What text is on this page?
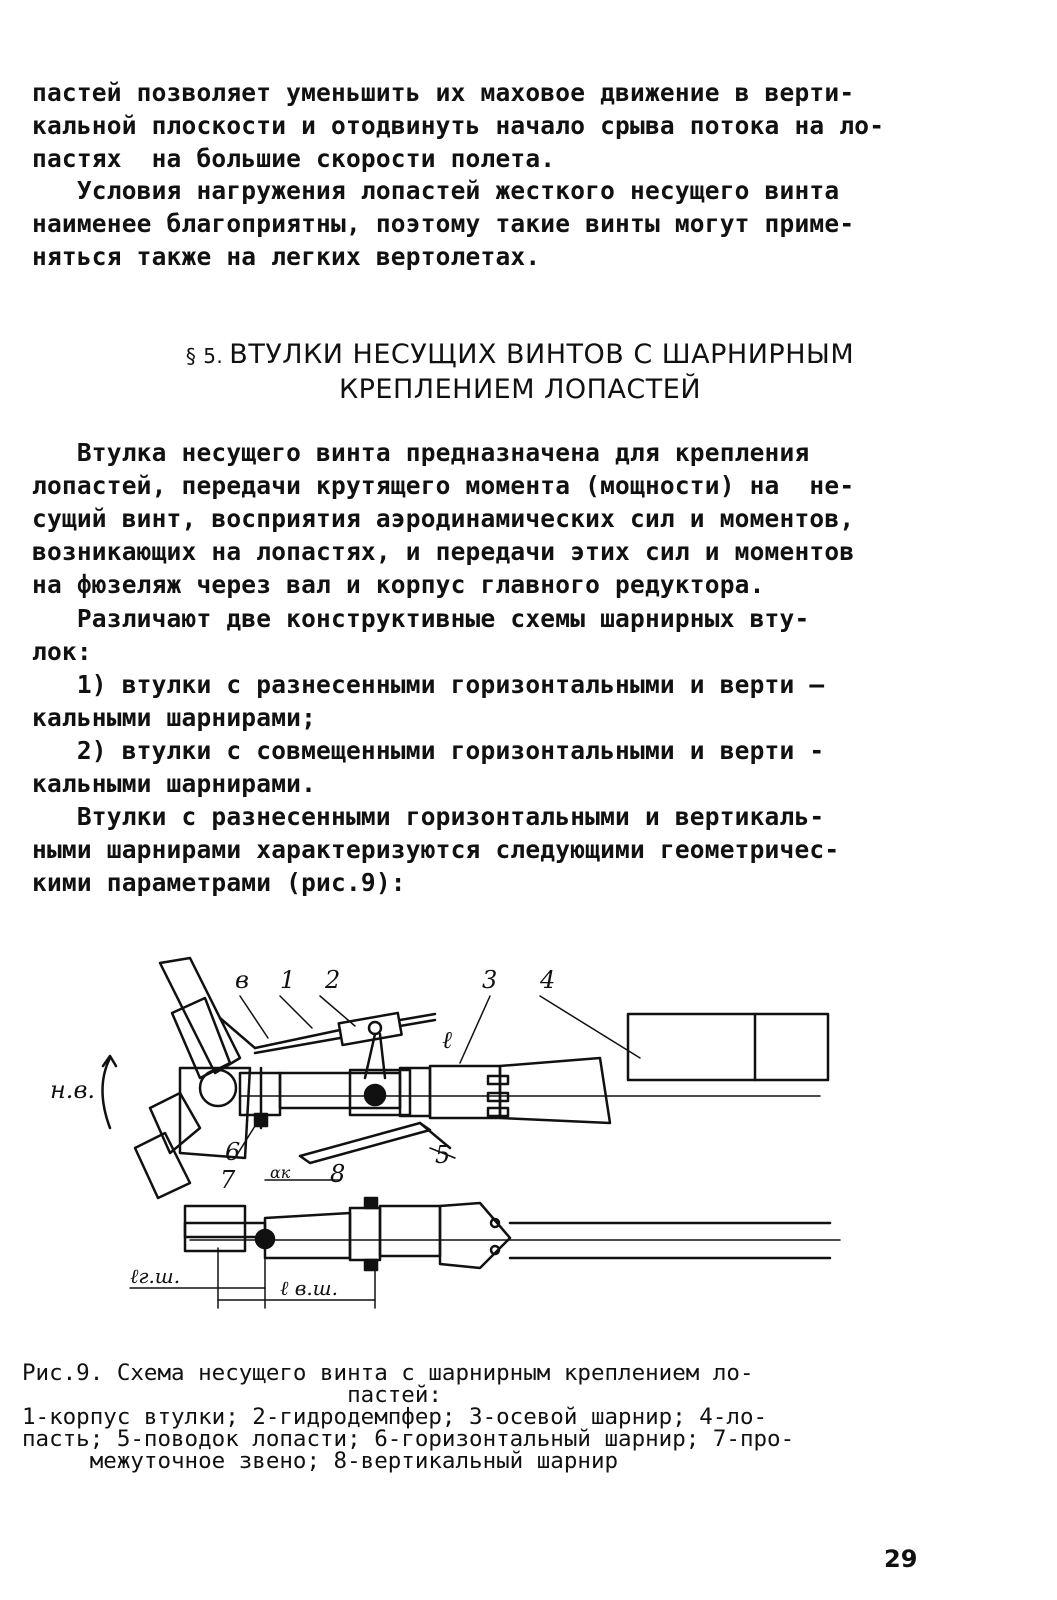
пастей позволяет уменьшить их маховое движение в верти-
кальной плоскости и отодвинуть начало срыва потока на ло-
пастях  на большие скорости полета.
Условия нагружения лопастей жесткого несущего винта
наименее благоприятны, поэтому такие винты могут приме-
няться также на легких вертолетах.
§ 5. ВТУЛКИ НЕСУЩИХ ВИНТОВ С ШАРНИРНЫМ
КРЕПЛЕНИЕМ ЛОПАСТЕЙ
Втулка несущего винта предназначена для крепления
лопастей, передачи крутящего момента (мощности) на  не-
сущий винт, восприятия аэродинамических сил и моментов,
возникающих на лопастях, и передачи этих сил и моментов
на фюзеляж через вал и корпус главного редуктора.
Различают две конструктивные схемы шарнирных вту-
лок:
1) втулки с разнесенными горизонтальными и верти —
кальными шарнирами;
2) втулки с совмещенными горизонтальными и верти -
кальными шарнирами.
Втулки с разнесенными горизонтальными и вертикаль-
ными шарнирами характеризуются следующими геометричес-
кими параметрами (рис.9):
н.в.
в 1 2	3 4
ℓ
5
6
7	8
αк
ℓг.ш.	ℓ в.ш.
Рис.9. Схема несущего винта с шарнирным креплением ло-
пастей:
1-корпус втулки; 2-гидродемпфер; 3-осевой шарнир; 4-ло-
пасть; 5-поводок лопасти; 6-горизонтальный шарнир; 7-про-
межуточное звено; 8-вертикальный шарнир
29
